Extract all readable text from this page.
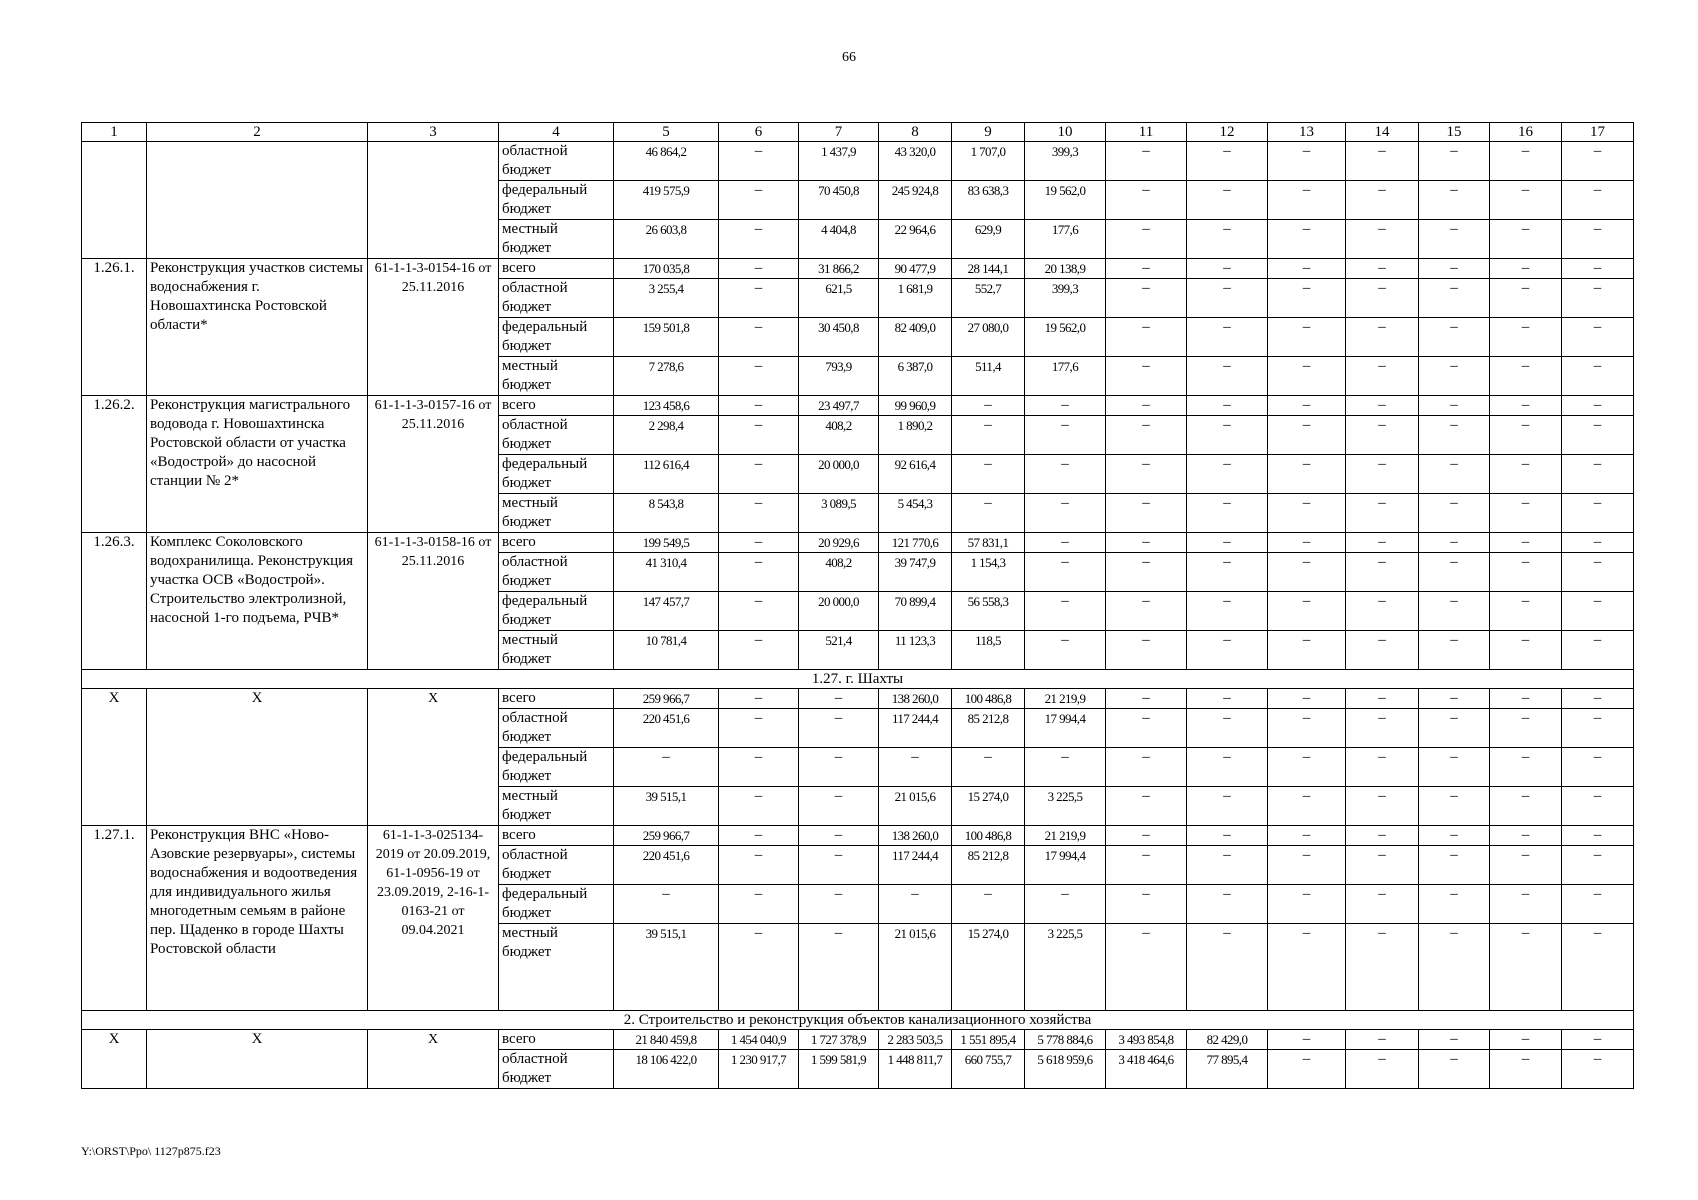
66
1	2	3	4	5	6	7	8	9	10	11	12	13	14	15	16	17
			областной бюджет	46 864,2	–	1 437,9	43 320,0	1 707,0	399,3	–	–	–	–	–	–	–
			федеральный бюджет	419 575,9	–	70 450,8	245 924,8	83 638,3	19 562,0	–	–	–	–	–	–	–
			местный бюджет	26 603,8	–	4 404,8	22 964,6	629,9	177,6	–	–	–	–	–	–	–
1.26.1.	Реконструкция участков системы водоснабжения г. Новошахтинска Ростовской области*	61-1-1-3-0154-16 от 25.11.2016	всего	170 035,8	–	31 866,2	90 477,9	28 144,1	20 138,9	–	–	–	–	–	–	–
			областной бюджет	3 255,4	–	621,5	1 681,9	552,7	399,3	–	–	–	–	–	–	–
			федеральный бюджет	159 501,8	–	30 450,8	82 409,0	27 080,0	19 562,0	–	–	–	–	–	–	–
			местный бюджет	7 278,6	–	793,9	6 387,0	511,4	177,6	–	–	–	–	–	–	–
1.26.2.	Реконструкция магистрального водовода г. Новошахтинска Ростовской области от участка «Водострой» до насосной станции № 2*	61-1-1-3-0157-16 от 25.11.2016	всего	123 458,6	–	23 497,7	99 960,9	–	–	–	–	–	–	–	–	–
			областной бюджет	2 298,4	–	408,2	1 890,2	–	–	–	–	–	–	–	–	–
			федеральный бюджет	112 616,4	–	20 000,0	92 616,4	–	–	–	–	–	–	–	–	–
			местный бюджет	8 543,8	–	3 089,5	5 454,3	–	–	–	–	–	–	–	–	–
1.26.3.	Комплекс Соколовского водохранилища. Реконструкция участка ОСВ «Водострой». Строительство электролизной, насосной 1-го подъема, РЧВ*	61-1-1-3-0158-16 от 25.11.2016	всего	199 549,5	–	20 929,6	121 770,6	57 831,1	–	–	–	–	–	–	–	–
			областной бюджет	41 310,4	–	408,2	39 747,9	1 154,3	–	–	–	–	–	–	–	–
			федеральный бюджет	147 457,7	–	20 000,0	70 899,4	56 558,3	–	–	–	–	–	–	–	–
			местный бюджет	10 781,4	–	521,4	11 123,3	118,5	–	–	–	–	–	–	–	–
1.27. г. Шахты																
Х	Х	Х	всего	259 966,7	–	–	138 260,0	100 486,8	21 219,9	–	–	–	–	–	–	–
			областной бюджет	220 451,6	–	–	117 244,4	85 212,8	17 994,4	–	–	–	–	–	–	–
			федеральный бюджет	–	–	–	–	–	–	–	–	–	–	–	–	–
			местный бюджет	39 515,1	–	–	21 015,6	15 274,0	3 225,5	–	–	–	–	–	–	–
1.27.1.	Реконструкция ВНС «Ново-Азовские резервуары», системы водоснабжения и водоотведения для индивидуального жилья многодетным семьям в районе пер. Щаденко в городе Шахты Ростовской области	61-1-1-3-025134-2019 от 20.09.2019, 61-1-0956-19 от 23.09.2019, 2-16-1-0163-21 от 09.04.2021	всего	259 966,7	–	–	138 260,0	100 486,8	21 219,9	–	–	–	–	–	–	–
			областной бюджет	220 451,6	–	–	117 244,4	85 212,8	17 994,4	–	–	–	–	–	–	–
			федеральный бюджет	–	–	–	–	–	–	–	–	–	–	–	–	–
			местный бюджет	39 515,1	–	–	21 015,6	15 274,0	3 225,5	–	–	–	–	–	–	–
2. Строительство и реконструкция объектов канализационного хозяйства																
Х	Х	Х	всего	21 840 459,8	1 454 040,9	1 727 378,9	2 283 503,5	1 551 895,4	5 778 884,6	3 493 854,8	82 429,0	–	–	–	–	–
			областной бюджет	18 106 422,0	1 230 917,7	1 599 581,9	1 448 811,7	660 755,7	5 618 959,6	3 418 464,6	77 895,4	–	–	–	–	–
Y:\ORST\Ppo\ 1127p875.f23
